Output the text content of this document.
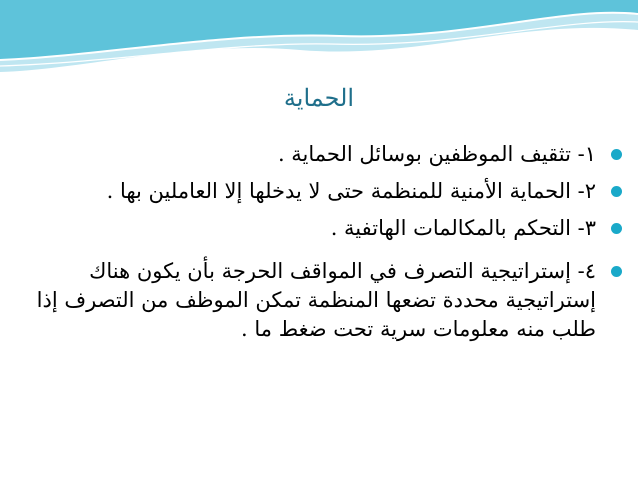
الحماية
١- تثقيف الموظفين بوسائل الحماية .
٢- الحماية الأمنية للمنظمة حتى لا يدخلها إلا العاملين بها .
٣- التحكم بالمكالمات الهاتفية .
٤- إستراتيجية التصرف في المواقف الحرجة بأن يكون هناك إستراتيجية محددة تضعها المنظمة تمكن الموظف من التصرف إذا طلب منه معلومات سرية تحت ضغط ما .
